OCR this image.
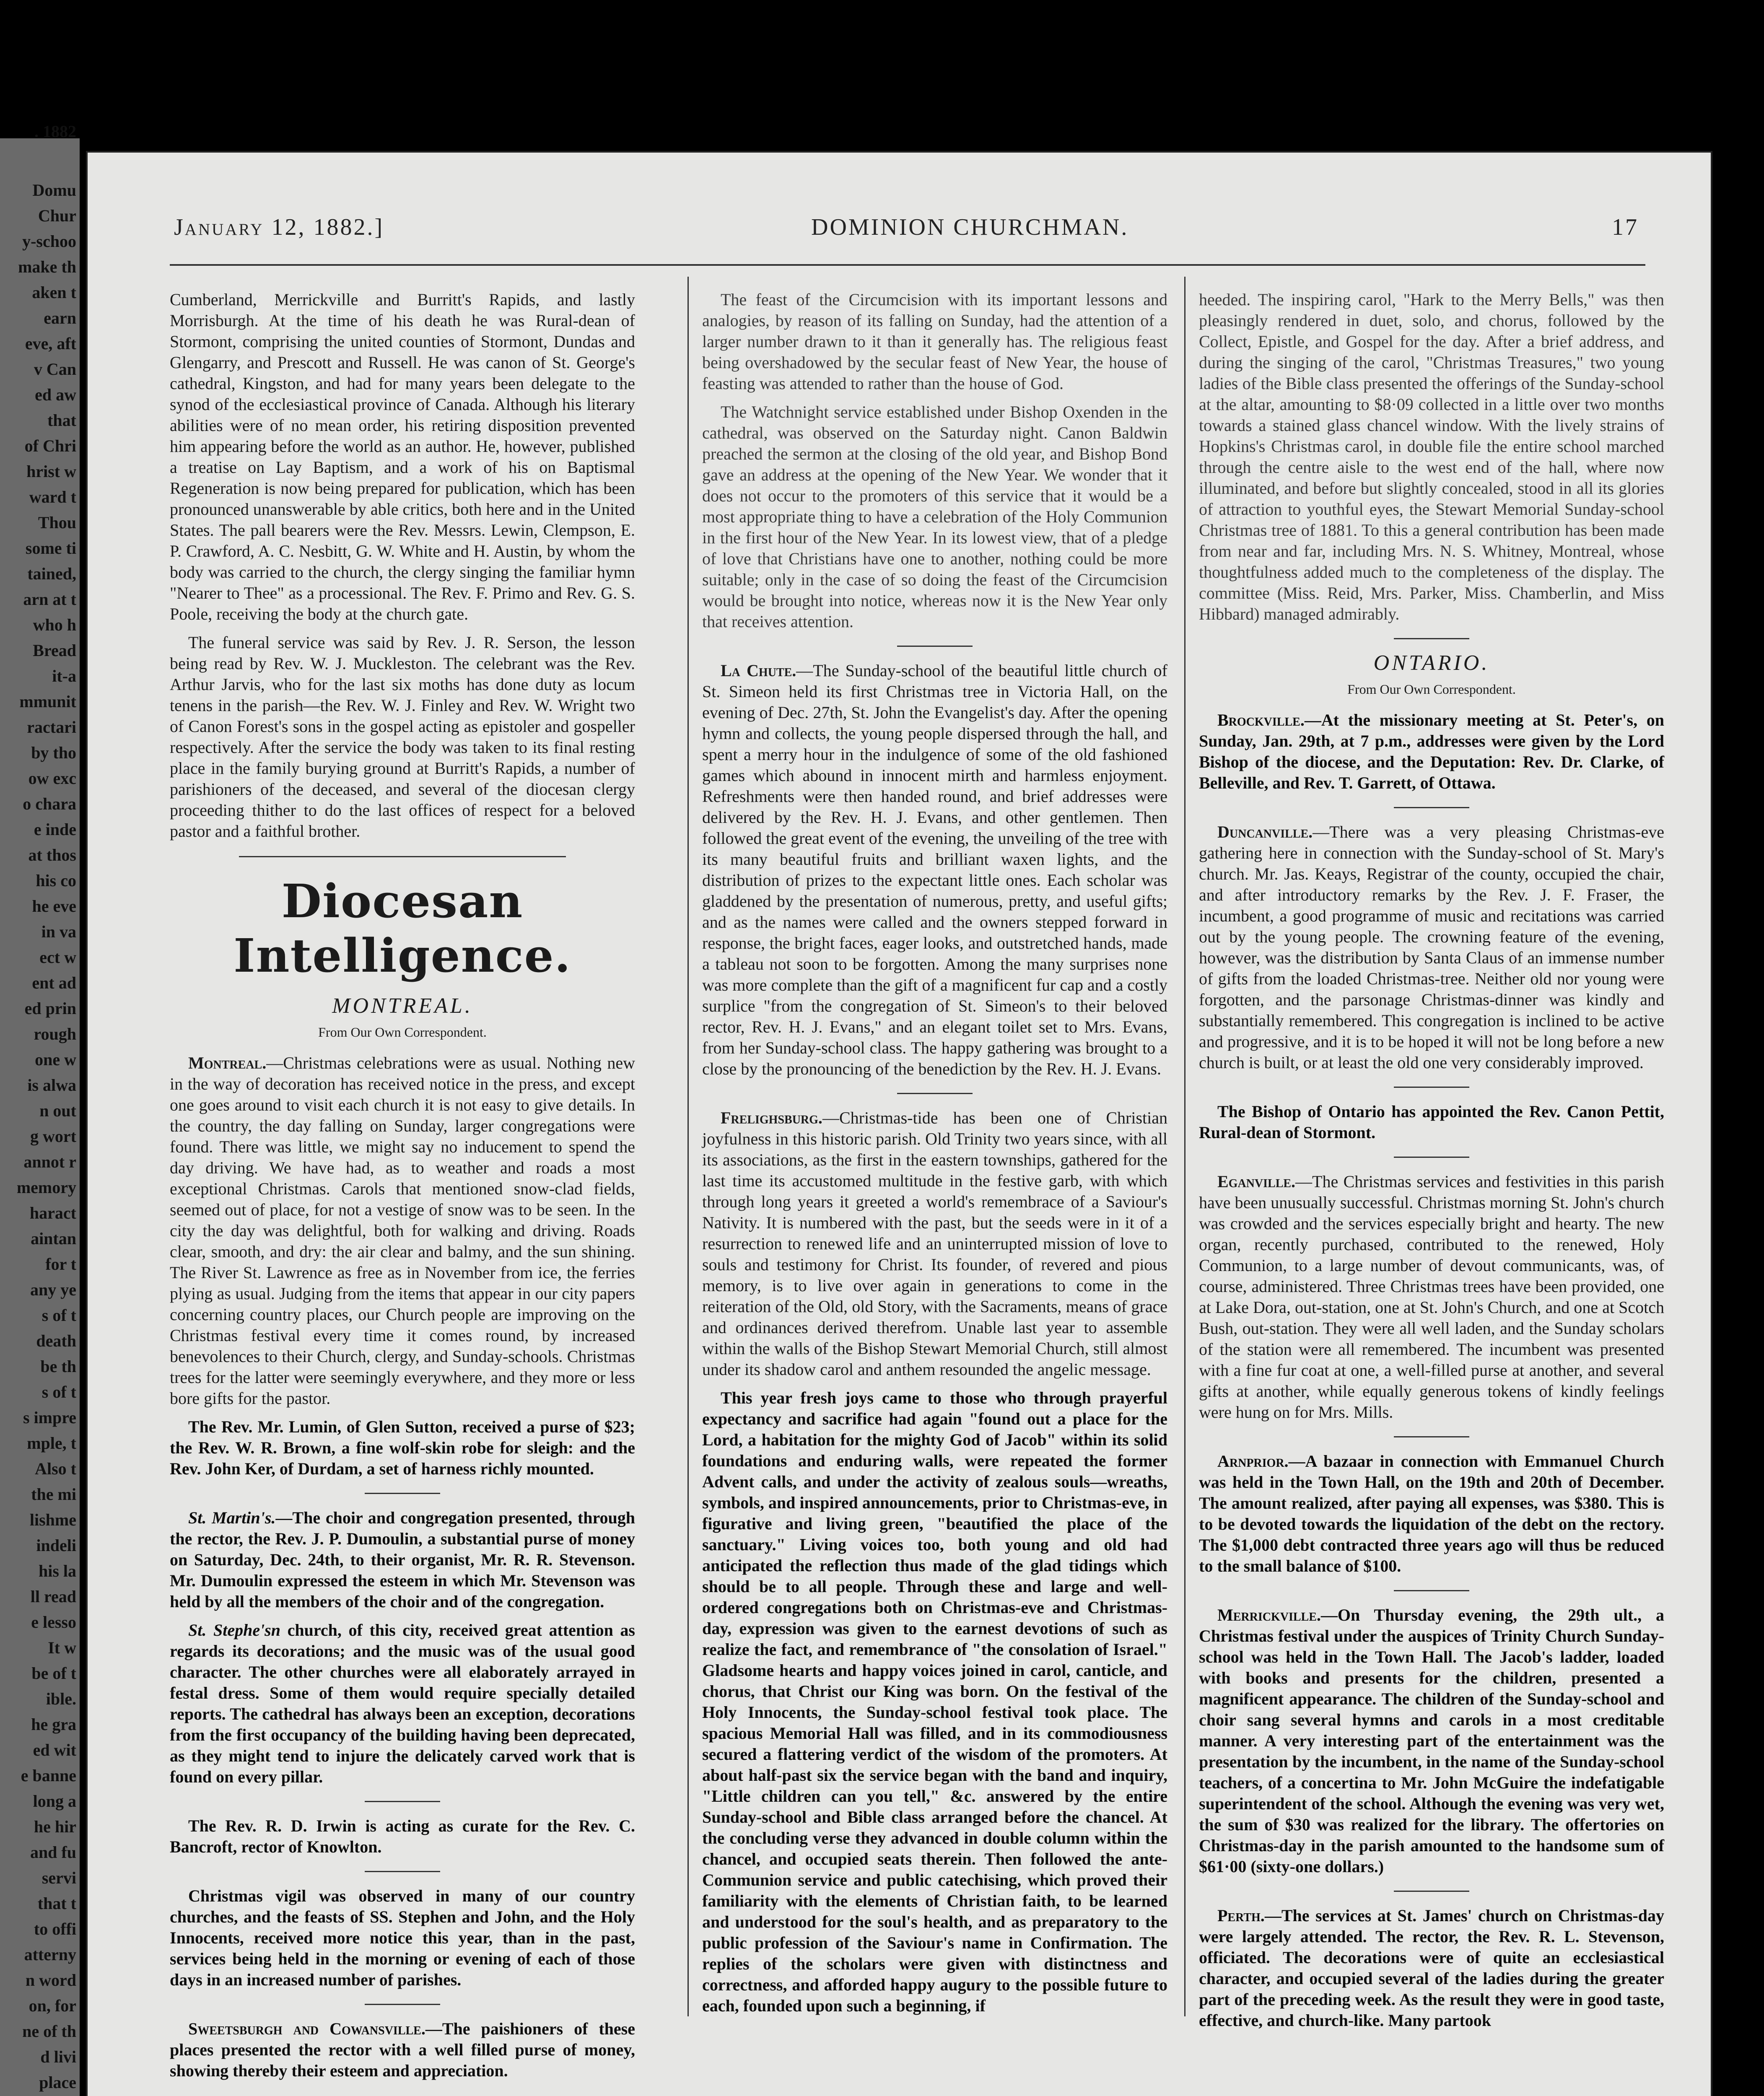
. 1882
Domu
Chur
y-schoo
make th
aken t
earn
eve, aft
v Can
ed aw
that
of Chri
hrist w
ward t
Thou
some ti
tained,
arn at t
who h
Bread
it-a
mmunit
ractari
by tho
ow exc
o chara
e inde
at thos
his co
he eve
in va
ect w
ent ad
ed prin
rough
one w
is alwa
n out
g wort
annot r
memory
haract
aintan
for t
any ye
s of t
death
be th
s of t
s impre
mple, t
Also t
the mi
lishme
indeli
his la
ll read
e lesso
It w
be of t
ible.
he gra
ed wit
e banne
long a
he hir
and fu
servi
that t
to offi
atterny
n word
on, for
ne of th
d livi
place
January 12, 1882.]	DOMINION CHURCHMAN.	17

Cumberland, Merrickville and Burritt's Rapids, and lastly Morrisburgh. At the time of his death he was Rural-dean of Stormont, comprising the united counties of Stormont, Dundas and Glengarry, and Prescott and Russell. He was canon of St. George's cathedral, Kingston, and had for many years been delegate to the synod of the ecclesiastical province of Canada. Although his literary abilities were of no mean order, his retiring disposition prevented him appearing before the world as an author. He, however, published a treatise on Lay Baptism, and a work of his on Baptismal Regeneration is now being prepared for publication, which has been pronounced unanswerable by able critics, both here and in the United States. The pall bearers were the Rev. Messrs. Lewin, Clempson, E. P. Crawford, A. C. Nesbitt, G. W. White and H. Austin, by whom the body was carried to the church, the clergy singing the familiar hymn "Nearer to Thee" as a processional. The Rev. F. Primo and Rev. G. S. Poole, receiving the body at the church gate.

The funeral service was said by Rev. J. R. Serson, the lesson being read by Rev. W. J. Muckleston. The celebrant was the Rev. Arthur Jarvis, who for the last six moths has done duty as locum tenens in the parish—the Rev. W. J. Finley and Rev. W. Wright two of Canon Forest's sons in the gospel acting as epistoler and gospeller respectively. After the service the body was taken to its final resting place in the family burying ground at Burritt's Rapids, a number of parishioners of the deceased, and several of the diocesan clergy proceeding thither to do the last offices of respect for a beloved pastor and a faithful brother.

Diocesan Intelligence.
MONTREAL.
From Our Own Correspondent.

Montreal.—Christmas celebrations were as usual. Nothing new in the way of decoration has received notice in the press, and except one goes around to visit each church it is not easy to give details. In the country, the day falling on Sunday, larger congregations were found. There was little, we might say no inducement to spend the day driving. We have had, as to weather and roads a most exceptional Christmas. Carols that mentioned snow-clad fields, seemed out of place, for not a vestige of snow was to be seen. In the city the day was delightful, both for walking and driving. Roads clear, smooth, and dry: the air clear and balmy, and the sun shining. The River St. Lawrence as free as in November from ice, the ferries plying as usual. Judging from the items that appear in our city papers concerning country places, our Church people are improving on the Christmas festival every time it comes round, by increased benevolences to their Church, clergy, and Sunday-schools. Christmas trees for the latter were seemingly everywhere, and they more or less bore gifts for the pastor.

The Rev. Mr. Lumin, of Glen Sutton, received a purse of $23; the Rev. W. R. Brown, a fine wolf-skin robe for sleigh: and the Rev. John Ker, of Durdam, a set of harness richly mounted.

St. Martin's.—The choir and congregation presented, through the rector, the Rev. J. P. Dumoulin, a substantial purse of money on Saturday, Dec. 24th, to their organist, Mr. R. R. Stevenson. Mr. Dumoulin expressed the esteem in which Mr. Stevenson was held by all the members of the choir and of the congregation.

St. Stephe'sn church, of this city, received great attention as regards its decorations; and the music was of the usual good character. The other churches were all elaborately arrayed in festal dress. Some of them would require specially detailed reports. The cathedral has always been an exception, decorations from the first occupancy of the building having been deprecated, as they might tend to injure the delicately carved work that is found on every pillar.

The Rev. R. D. Irwin is acting as curate for the Rev. C. Bancroft, rector of Knowlton.

Christmas vigil was observed in many of our country churches, and the feasts of SS. Stephen and John, and the Holy Innocents, received more notice this year, than in the past, services being held in the morning or evening of each of those days in an increased number of parishes.

Sweetsburgh and Cowansville.—The paishioners of these places presented the rector with a well filled purse of money, showing thereby their esteem and appreciation.

The feast of the Circumcision with its important lessons and analogies, by reason of its falling on Sunday, had the attention of a larger number drawn to it than it generally has. The religious feast being overshadowed by the secular feast of New Year, the house of feasting was attended to rather than the house of God.

The Watchnight service established under Bishop Oxenden in the cathedral, was observed on the Saturday night. Canon Baldwin preached the sermon at the closing of the old year, and Bishop Bond gave an address at the opening of the New Year. We wonder that it does not occur to the promoters of this service that it would be a most appropriate thing to have a celebration of the Holy Communion in the first hour of the New Year. In its lowest view, that of a pledge of love that Christians have one to another, nothing could be more suitable; only in the case of so doing the feast of the Circumcision would be brought into notice, whereas now it is the New Year only that receives attention.

La Chute.—The Sunday-school of the beautiful little church of St. Simeon held its first Christmas tree in Victoria Hall, on the evening of Dec. 27th, St. John the Evangelist's day. After the opening hymn and collects, the young people dispersed through the hall, and spent a merry hour in the indulgence of some of the old fashioned games which abound in innocent mirth and harmless enjoyment. Refreshments were then handed round, and brief addresses were delivered by the Rev. H. J. Evans, and other gentlemen. Then followed the great event of the evening, the unveiling of the tree with its many beautiful fruits and brilliant waxen lights, and the distribution of prizes to the expectant little ones. Each scholar was gladdened by the presentation of numerous, pretty, and useful gifts; and as the names were called and the owners stepped forward in response, the bright faces, eager looks, and outstretched hands, made a tableau not soon to be forgotten. Among the many surprises none was more complete than the gift of a magnificent fur cap and a costly surplice "from the congregation of St. Simeon's to their beloved rector, Rev. H. J. Evans," and an elegant toilet set to Mrs. Evans, from her Sunday-school class. The happy gathering was brought to a close by the pronouncing of the benediction by the Rev. H. J. Evans.

Freligh​sburg.—Christmas-tide has been one of Christian joyfulness in this historic parish. Old Trinity two years since, with all its associations, as the first in the eastern townships, gathered for the last time its accustomed multitude in the festive garb, with which through long years it greeted a world's remembrace of a Saviour's Nativity. It is numbered with the past, but the seeds were in it of a resurrection to renewed life and an uninterrupted mission of love to souls and testimony for Christ. Its founder, of revered and pious memory, is to live over again in generations to come in the reiteration of the Old, old Story, with the Sacraments, means of grace and ordinances derived therefrom. Unable last year to assemble within the walls of the Bishop Stewart Memorial Church, still almost under its shadow carol and anthem resounded the angelic message.

This year fresh joys came to those who through prayerful expectancy and sacrifice had again "found out a place for the Lord, a habitation for the mighty God of Jacob" within its solid foundations and enduring walls, were repeated the former Advent calls, and under the activity of zealous souls—wreaths, symbols, and inspired announcements, prior to Christmas-eve, in figurative and living green, "beautified the place of the sanctuary." Living voices too, both young and old had anticipated the reflection thus made of the glad tidings which should be to all people. Through these and large and well-ordered congregations both on Christmas-eve and Christmas-day, expression was given to the earnest devotions of such as realize the fact, and remembrance of "the consolation of Israel." Gladsome hearts and happy voices joined in carol, canticle, and chorus, that Christ our King was born. On the festival of the Holy Innocents, the Sunday-school festival took place. The spacious Memorial Hall was filled, and in its commodiousness secured a flattering verdict of the wisdom of the promoters. At about half-past six the service began with the band and inquiry, "Little children can you tell," &c. answered by the entire Sunday-school and Bible class arranged before the chancel. At the concluding verse they advanced in double column within the chancel, and occupied seats therein. Then followed the ante-Communion service and public catechising, which proved their familiarity with the elements of Christian faith, to be learned and understood for the soul's health, and as preparatory to the public profession of the Saviour's name in Confirmation. The replies of the scholars were given with distinctness and correctness, and afforded happy augury to the possible future to each, founded upon such a beginning, if

heeded. The inspiring carol, "Hark to the Merry Bells," was then pleasingly rendered in duet, solo, and chorus, followed by the Collect, Epistle, and Gospel for the day. After a brief address, and during the singing of the carol, "Christmas Treasures," two young ladies of the Bible class presented the offerings of the Sunday-school at the altar, amounting to $8·09 collected in a little over two months towards a stained glass chancel window. With the lively strains of Hopkins's Christmas carol, in double file the entire school marched through the centre aisle to the west end of the hall, where now illuminated, and before but slightly concealed, stood in all its glories of attraction to youthful eyes, the Stewart Memorial Sunday-school Christmas tree of 1881. To this a general contribution has been made from near and far, including Mrs. N. S. Whitney, Montreal, whose thoughtfulness added much to the completeness of the display. The committee (Miss. Reid, Mrs. Parker, Miss. Chamberlin, and Miss Hibbard) managed admirably.

ONTARIO.
From Our Own Correspondent.

Brockville.—At the missionary meeting at St. Peter's, on Sunday, Jan. 29th, at 7 p.m., addresses were given by the Lord Bishop of the diocese, and the Deputation: Rev. Dr. Clarke, of Belleville, and Rev. T. Garrett, of Ottawa.

Duncanville.—There was a very pleasing Christmas-eve gathering here in connection with the Sunday-school of St. Mary's church. Mr. Jas. Keays, Registrar of the county, occupied the chair, and after introductory remarks by the Rev. J. F. Fraser, the incumbent, a good programme of music and recitations was carried out by the young people. The crowning feature of the evening, however, was the distribution by Santa Claus of an immense number of gifts from the loaded Christmas-tree. Neither old nor young were forgotten, and the parsonage Christmas-dinner was kindly and substantially remembered. This congregation is inclined to be active and progressive, and it is to be hoped it will not be long before a new church is built, or at least the old one very considerably improved.

The Bishop of Ontario has appointed the Rev. Canon Pettit, Rural-dean of Stormont.

Eganville.—The Christmas services and festivities in this parish have been unusually successful. Christmas morning St. John's church was crowded and the services especially bright and hearty. The new organ, recently purchased, contributed to the renewed, Holy Communion, to a large number of devout communicants, was, of course, administered. Three Christmas trees have been provided, one at Lake Dora, out-station, one at St. John's Church, and one at Scotch Bush, out-station. They were all well laden, and the Sunday scholars of the station were all remembered. The incumbent was presented with a fine fur coat at one, a well-filled purse at another, and several gifts at another, while equally generous tokens of kindly feelings were hung on for Mrs. Mills.

Arnprior.—A bazaar in connection with Emmanuel Church was held in the Town Hall, on the 19th and 20th of December. The amount realized, after paying all expenses, was $380. This is to be devoted towards the liquidation of the debt on the rectory. The $1,000 debt contracted three years ago will thus be reduced to the small balance of $100.

Merrickville.—On Thursday evening, the 29th ult., a Christmas festival under the auspices of Trinity Church Sunday-school was held in the Town Hall. The Jacob's ladder, loaded with books and presents for the children, presented a magnificent appearance. The children of the Sunday-school and choir sang several hymns and carols in a most creditable manner. A very interesting part of the entertainment was the presentation by the incumbent, in the name of the Sunday-school teachers, of a concertina to Mr. John McGuire the indefatigable superintendent of the school. Although the evening was very wet, the sum of $30 was realized for the library. The offertories on Christmas-day in the parish amounted to the handsome sum of $61·00 (sixty-one dollars.)

Perth.—The services at St. James' church on Christmas-day were largely attended. The rector, the Rev. R. L. Stevenson, officiated. The decorations were of quite an ecclesiastical character, and occupied several of the ladies during the greater part of the preceding week. As the result they were in good taste, effective, and church-like. Many partook
